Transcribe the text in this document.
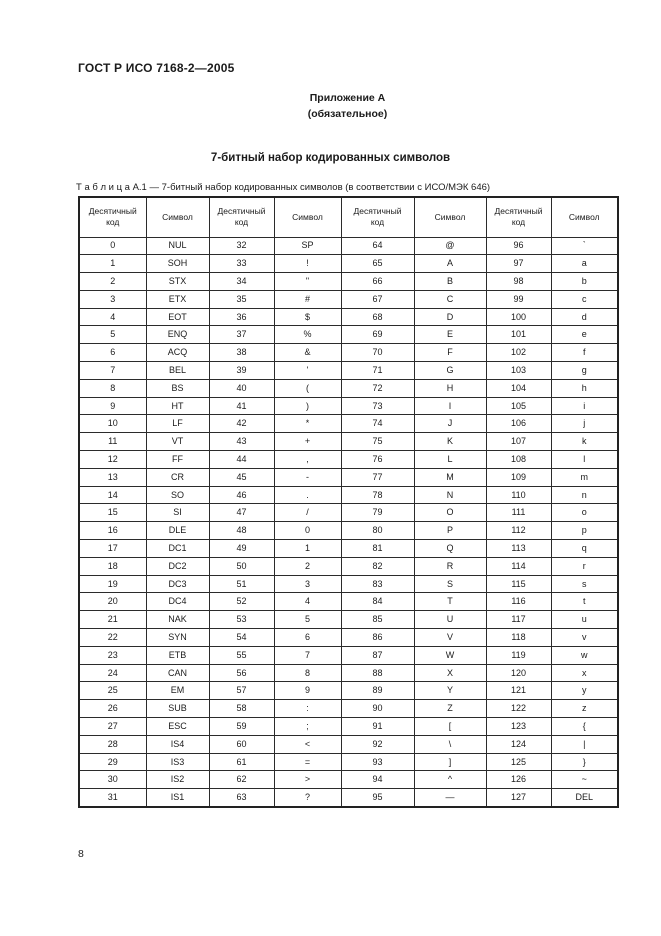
ГОСТ Р ИСО 7168-2—2005
Приложение А
(обязательное)
7-битный набор кодированных символов
Т а б л и ц а А.1 — 7-битный набор кодированных символов (в соответствии с ИСО/МЭК 646)
Десятичный код	Символ	Десятичный код	Символ	Десятичный код	Символ	Десятичный код	Символ
0	NUL	32	SP	64	@	96	`
1	SOH	33	!	65	A	97	a
2	STX	34	"	66	B	98	b
3	ETX	35	#	67	C	99	c
4	EOT	36	$	68	D	100	d
5	ENQ	37	%	69	E	101	e
6	ACQ	38	&	70	F	102	f
7	BEL	39	'	71	G	103	g
8	BS	40	(	72	H	104	h
9	HT	41	)	73	I	105	i
10	LF	42	*	74	J	106	j
11	VT	43	+	75	K	107	k
12	FF	44	,	76	L	108	l
13	CR	45	-	77	M	109	m
14	SO	46	.	78	N	110	n
15	SI	47	/	79	O	111	o
16	DLE	48	0	80	P	112	p
17	DC1	49	1	81	Q	113	q
18	DC2	50	2	82	R	114	r
19	DC3	51	3	83	S	115	s
20	DC4	52	4	84	T	116	t
21	NAK	53	5	85	U	117	u
22	SYN	54	6	86	V	118	v
23	ETB	55	7	87	W	119	w
24	CAN	56	8	88	X	120	x
25	EM	57	9	89	Y	121	y
26	SUB	58	:	90	Z	122	z
27	ESC	59	;	91	[	123	{
28	IS4	60	<	92	\	124	|
29	IS3	61	=	93	]	125	}
30	IS2	62	>	94	^	126	~
31	IS1	63	?	95	—	127	DEL
8
